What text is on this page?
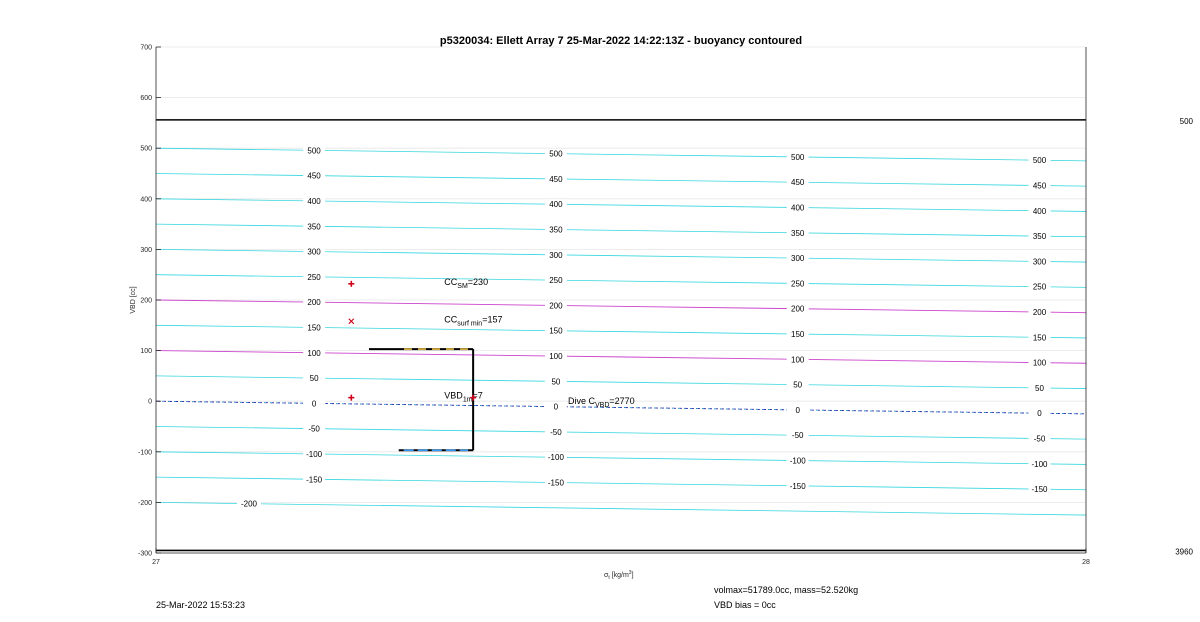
500
450
400
350
300
250
200
150
100
50
0
-50
-100
-150
500
450
400
350
300
250
200
150
100
50
0
-50
-100
-150
500
450
400
350
300
250
200
150
100
50
0
-50
-100
-150
500
450
400
350
300
250
200
150
100
50
0
-50
-100
-150
-200
500
3960
$CC_{SM}=230$
$CC_{surf min}=157$
$VBD_{1m}=7$
Dive $C_{VBD}=2770$
700
600
500
400
300
200
100
0
-100
-200
-300
27	28
p5320034: Ellett Array 7 25-Mar-2022 14:22:13Z - buoyancy contoured
VBD [cc]
$\sigma_t$ $[kg/m^3]$
25-Mar-2022 15:53:23
volmax=51789.0cc, mass=52.520kg
VBD bias = 0cc
